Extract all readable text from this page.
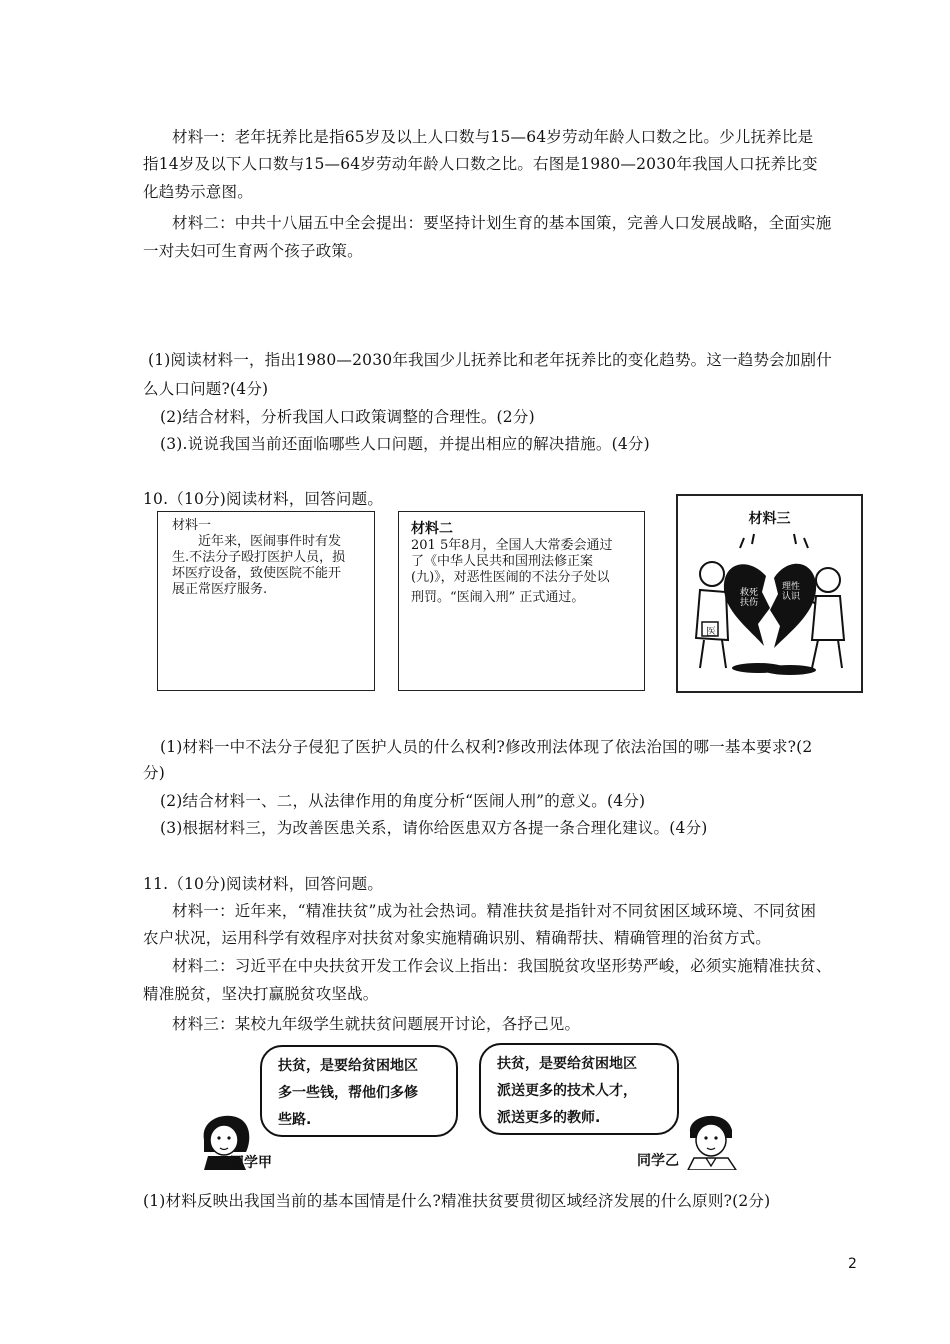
材料一：老年抚养比是指65岁及以上人口数与15—64岁劳动年龄人口数之比。少儿抚养比是
指14岁及以下人口数与15—64岁劳动年龄人口数之比。右图是1980—2030年我国人口抚养比变
化趋势示意图。
材料二：中共十八届五中全会提出：要坚持计划生育的基本国策，完善人口发展战略，全面实施
一对夫妇可生育两个孩子政策。
(1)阅读材料一，指出1980—2030年我国少儿抚养比和老年抚养比的变化趋势。这一趋势会加剧什
么人口问题?(4分)
(2)结合材料，分析我国人口政策调整的合理性。(2分)
(3).说说我国当前还面临哪些人口问题，并提出相应的解决措施。(4分)
10.（10分)阅读材料，回答问题。
材料一
　　近年来，医闹事件时有发
生.不法分子殴打医护人员，损
坏医疗设备，致使医院不能开
展正常医疗服务.
材料二
201 5年8月，全国人大常委会通过
了《中华人民共和国刑法修正案
(九)》，对恶性医闹的不法分子处以
刑罚。“医闹入刑” 正式通过。
材料三
救死扶伤
理性认识
医
(1)材料一中不法分子侵犯了医护人员的什么权利?修改刑法体现了依法治国的哪一基本要求?(2
分)
(2)结合材料一、二，从法律作用的角度分析“医闹人刑”的意义。(4分)
(3)根据材料三，为改善医患关系，请你给医患双方各提一条合理化建议。(4分)
11.（10分)阅读材料，回答问题。
材料一：近年来，“精准扶贫”成为社会热词。精准扶贫是指针对不同贫困区域环境、不同贫困
农户状况，运用科学有效程序对扶贫对象实施精确识别、精确帮扶、精确管理的治贫方式。
材料二：习近平在中央扶贫开发工作会议上指出：我国脱贫攻坚形势严峻，必须实施精准扶贫、
精准脱贫，坚决打赢脱贫攻坚战。
材料三：某校九年级学生就扶贫问题展开讨论，各抒己见。
扶贫，是要给贫困地区
多一些钱，帮他们多修
些路.
扶贫，是要给贫困地区
派送更多的技术人才，
派送更多的教师.
同学甲	同学乙
(1)材料反映出我国当前的基本国情是什么?精准扶贫要贯彻区域经济发展的什么原则?(2分)
2
